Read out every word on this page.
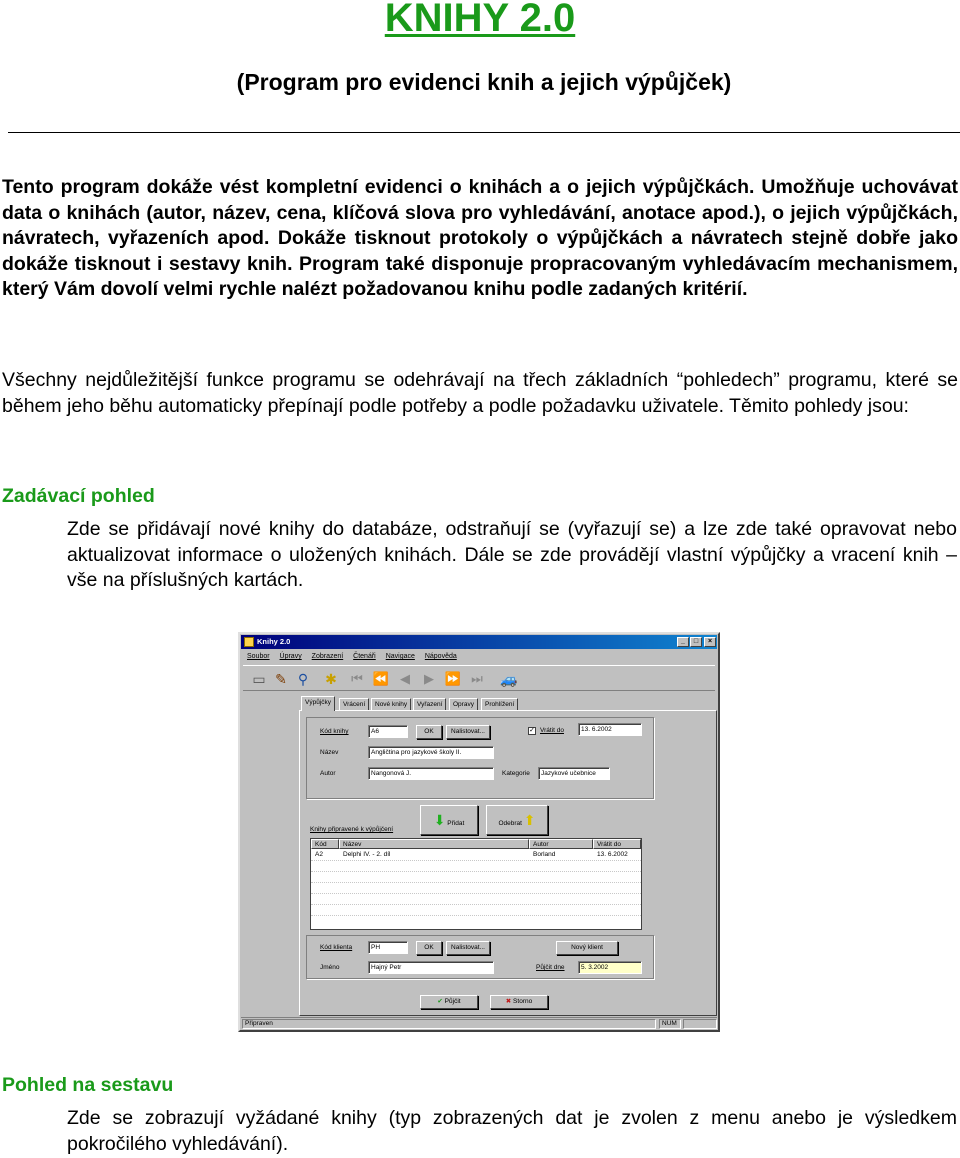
KNIHY 2.0
(Program pro evidenci knih a jejich výpůjček)

Tento program dokáže vést kompletní evidenci o knihách a o jejich výpůjčkách. Umožňuje uchovávat data o knihách (autor, název, cena, klíčová slova pro vyhledávání, anotace apod.), o jejich výpůjčkách, návratech, vyřazeních apod. Dokáže tisknout protokoly o výpůjčkách a návratech stejně dobře jako dokáže tisknout i sestavy knih. Program také disponuje propracovaným vyhledávacím mechanismem, který Vám dovolí velmi rychle nalézt požadovanou knihu podle zadaných kritérií.

Všechny nejdůležitější funkce programu se odehrávají na třech základních “pohledech” programu, které se během jeho běhu automaticky přepínají podle potřeby a podle požadavku uživatele. Těmito pohledy jsou:

Zadávací pohled

Zde se přidávají nové knihy do databáze, odstraňují se (vyřazují se) a lze zde také opravovat nebo aktualizovat informace o uložených knihách. Dále se zde provádějí vlastní výpůjčky a vracení knih – vše na příslušných kartách.

Knihy 2.0	_	□	×
Soubor Úpravy Zobrazení Čtenáři Navigace Nápověda
▭ ✎ ⚲	✱	⏮ ⏪ ◀	▶ ⏩ ⏭ 🚙
Výpůjčky	Vrácení	Nové knihy	Vyřazení	Opravy	Prohlížení
Kód knihy	A6	OK	Nalistovat...	✓ Vrátit do	13. 6.2002
Název	Angličtina pro jazykové školy II.
Autor	Nangonová J.	Kategorie	Jazykové učebnice
⬇ Přidat	Odebrat ⬆
Knihy připravené k výpůjčení
Kód	Název	Autor	Vrátit do
A2	Delphi IV. - 2. díl	Borland	13. 6.2002
Kód klienta	PH	OK	Nalistovat...	Nový klient
Jméno	Hajný Petr	Půjčit dne	5. 3.2002
✔ Půjčit	✖ Storno
Připraven	NUM
Pohled na sestavu

Zde se zobrazují vyžádané knihy (typ zobrazených dat je zvolen z menu anebo je výsledkem pokročilého vyhledávání).
